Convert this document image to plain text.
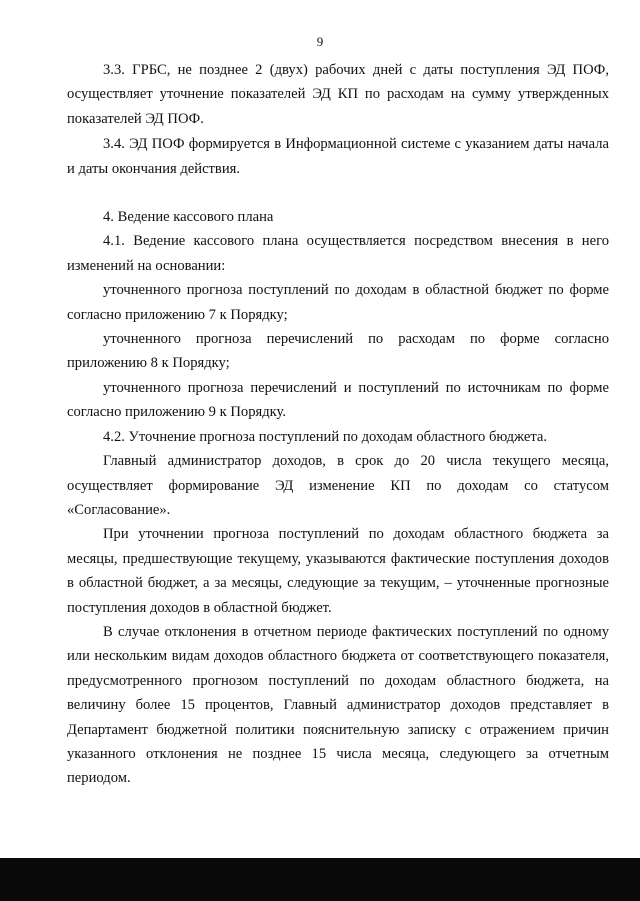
9

3.3. ГРБС, не позднее 2 (двух) рабочих дней с даты поступления ЭД ПОФ, осуществляет уточнение показателей ЭД КП по расходам на сумму утвержденных показателей ЭД ПОФ.

3.4. ЭД ПОФ формируется в Информационной системе с указанием даты начала и даты окончания действия.

4. Ведение кассового плана

4.1. Ведение кассового плана осуществляется посредством внесения в него изменений на основании:

уточненного прогноза поступлений по доходам в областной бюджет по форме согласно приложению 7 к Порядку;

уточненного прогноза перечислений по расходам по форме согласно приложению 8 к Порядку;

уточненного прогноза перечислений и поступлений по источникам по форме согласно приложению 9 к Порядку.

4.2. Уточнение прогноза поступлений по доходам областного бюджета.

Главный администратор доходов, в срок до 20 числа текущего месяца, осуществляет формирование ЭД изменение КП по доходам со статусом «Согласование».

При уточнении прогноза поступлений по доходам областного бюджета за месяцы, предшествующие текущему, указываются фактические поступления доходов в областной бюджет, а за месяцы, следующие за текущим, – уточненные прогнозные поступления доходов в областной бюджет.

В случае отклонения в отчетном периоде фактических поступлений по одному или нескольким видам доходов областного бюджета от соответствующего показателя, предусмотренного прогнозом поступлений по доходам областного бюджета, на величину более 15 процентов, Главный администратор доходов представляет в Департамент бюджетной политики пояснительную записку с отражением причин указанного отклонения не позднее 15 числа месяца, следующего за отчетным периодом.
